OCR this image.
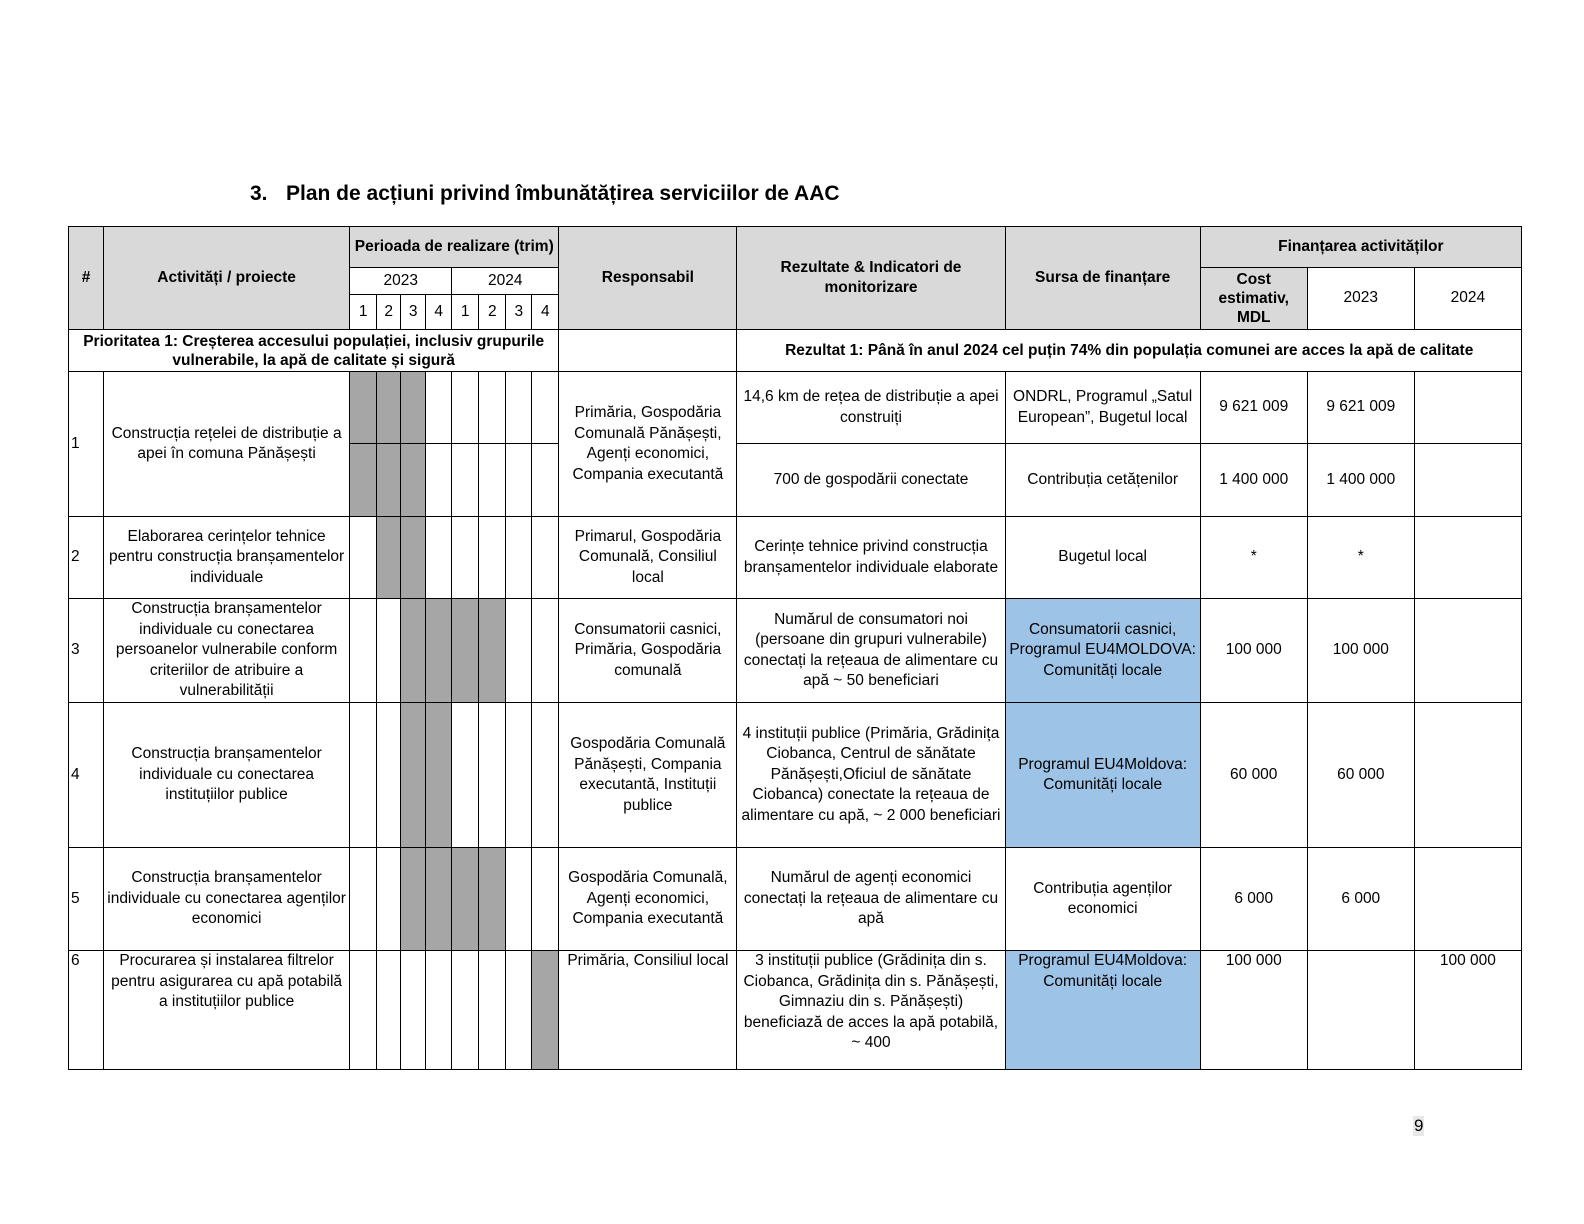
3. Plan de acțiuni privind îmbunătățirea serviciilor de AAC
#	Activități / proiecte	Perioada de realizare (trim)								Responsabil	Rezultate & Indicatori de monitorizare	Sursa de finanțare	Finanțarea activităților		
		2023				2024							Cost estimativ, MDL	2023	2024
		1	2	3	4	1	2	3	4						
Prioritatea 1: Creșterea accesului populației, inclusiv grupurile vulnerabile, la apă de calitate și sigură											Rezultat 1: Până în anul 2024 cel puțin 74% din populația comunei are acces la apă de calitate				
1	Construcția rețelei de distribuție a apei în comuna Pănășești									Primăria, Gospodăria Comunală Pănășești, Agenți economici, Compania executantă	14,6 km de rețea de distribuție a apei construiți	ONDRL, Programul „Satul European”, Bugetul local	9 621 009	9 621 009	
											700 de gospodării conectate	Contribuția cetățenilor	1 400 000	1 400 000	
2	Elaborarea cerințelor tehnice pentru construcția branșamentelor individuale									Primarul, Gospodăria Comunală, Consiliul local	Cerințe tehnice privind construcția branșamentelor individuale elaborate	Bugetul local	*	*	
3	Construcția branșamentelor individuale cu conectarea persoanelor vulnerabile conform criteriilor de atribuire a vulnerabilității									Consumatorii casnici, Primăria, Gospodăria comunală	Numărul de consumatori noi (persoane din grupuri vulnerabile) conectați la rețeaua de alimentare cu apă ~ 50 beneficiari	Consumatorii casnici, Programul EU4MOLDOVA: Comunități locale	100 000	100 000	
4	Construcția branșamentelor individuale cu conectarea instituțiilor publice									Gospodăria Comunală Pănășești, Compania executantă, Instituții publice	4 instituții publice (Primăria, Grădinița Ciobanca, Centrul de sănătate Pănășești,Oficiul de sănătate Ciobanca) conectate la rețeaua de alimentare cu apă, ~ 2 000 beneficiari	Programul EU4Moldova: Comunități locale	60 000	60 000	
5	Construcția branșamentelor individuale cu conectarea agenților economici									Gospodăria Comunală, Agenți economici, Compania executantă	Numărul de agenți economici conectați la rețeaua de alimentare cu apă	Contribuția agenților economici	6 000	6 000	
6	Procurarea și instalarea filtrelor pentru asigurarea cu apă potabilă a instituțiilor publice									Primăria, Consiliul local	3 instituții publice (Grădinița din s. Ciobanca, Grădinița din s. Pănășești, Gimnaziu din s. Pănășești) beneficiază de acces la apă potabilă, ~ 400	Programul EU4Moldova: Comunități locale	100 000		100 000
9
